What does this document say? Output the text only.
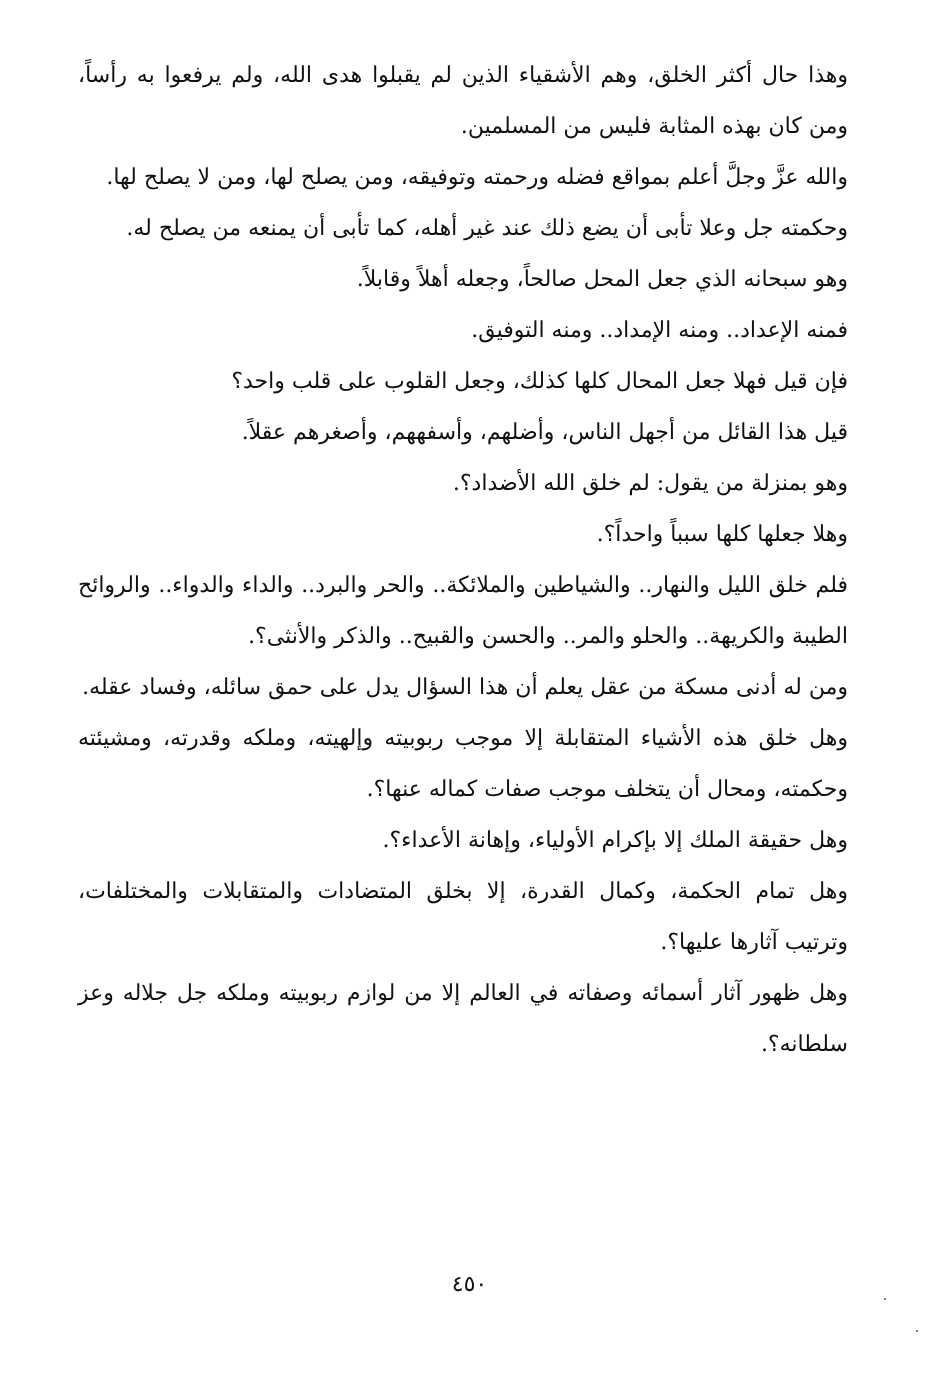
وهذا حال أكثر الخلق، وهم الأشقياء الذين لم يقبلوا هدى الله، ولم يرفعوا به رأساً، ومن كان بهذه المثابة فليس من المسلمين.

والله عزَّ وجلَّ أعلم بمواقع فضله ورحمته وتوفيقه، ومن يصلح لها، ومن لا يصلح لها.

وحكمته جل وعلا تأبى أن يضع ذلك عند غير أهله، كما تأبى أن يمنعه من يصلح له.

وهو سبحانه الذي جعل المحل صالحاً، وجعله أهلاً وقابلاً.

فمنه الإعداد.. ومنه الإمداد.. ومنه التوفيق.

فإن قيل فهلا جعل المحال كلها كذلك، وجعل القلوب على قلب واحد؟

قيل هذا القائل من أجهل الناس، وأضلهم، وأسفههم، وأصغرهم عقلاً.

وهو بمنزلة من يقول: لم خلق الله الأضداد؟.

وهلا جعلها كلها سبباً واحداً؟.

فلم خلق الليل والنهار.. والشياطين والملائكة.. والحر والبرد.. والداء والدواء.. والروائح الطيبة والكريهة.. والحلو والمر.. والحسن والقبيح.. والذكر والأنثى؟.

ومن له أدنى مسكة من عقل يعلم أن هذا السؤال يدل على حمق سائله، وفساد عقله.

وهل خلق هذه الأشياء المتقابلة إلا موجب ربوبيته وإلهيته، وملكه وقدرته، ومشيئته وحكمته، ومحال أن يتخلف موجب صفات كماله عنها؟.

وهل حقيقة الملك إلا بإكرام الأولياء، وإهانة الأعداء؟.

وهل تمام الحكمة، وكمال القدرة، إلا بخلق المتضادات والمتقابلات والمختلفات، وترتيب آثارها عليها؟.

وهل ظهور آثار أسمائه وصفاته في العالم إلا من لوازم ربوبيته وملكه جل جلاله وعز سلطانه؟.

٤٥٠
